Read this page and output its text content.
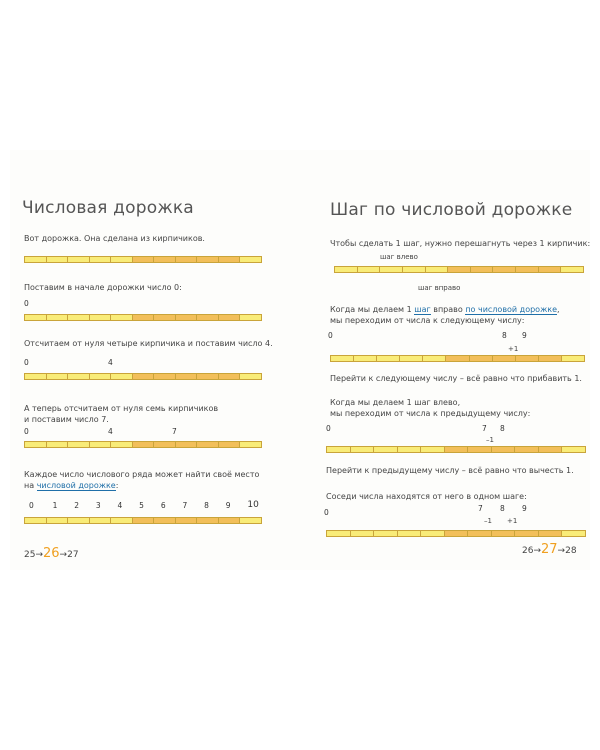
Числовая дорожка
Вот дорожка. Она сделана из кирпичиков.
Поставим в начале дорожки число 0:
0
Отсчитаем от нуля четыре кирпичика и поставим число 4.
0	4
А теперь отсчитаем от нуля семь кирпичиков
и поставим число 7.
0	4	7
Каждое число числового ряда может найти своё место
на числовой дорожке:
0	1 2 3 4 5 6 7 8 9 10
25→26→27
Шаг по числовой дорожке
Чтобы сделать 1 шаг, нужно перешагнуть через 1 кирпичик:
шаг влево
шаг вправо
Когда мы делаем 1 шаг вправо по числовой дорожке,
мы переходим от числа к следующему числу:
0	8 9
+1
Перейти к следующему числу – всё равно что прибавить 1.
Когда мы делаем 1 шаг влево,
мы переходим от числа к предыдущему числу:
0	7 8
–1
Перейти к предыдущему числу – всё равно что вычесть 1.
Соседи числа находятся от него в одном шаге:
0	7 8 9
–1 +1
26→27→28
